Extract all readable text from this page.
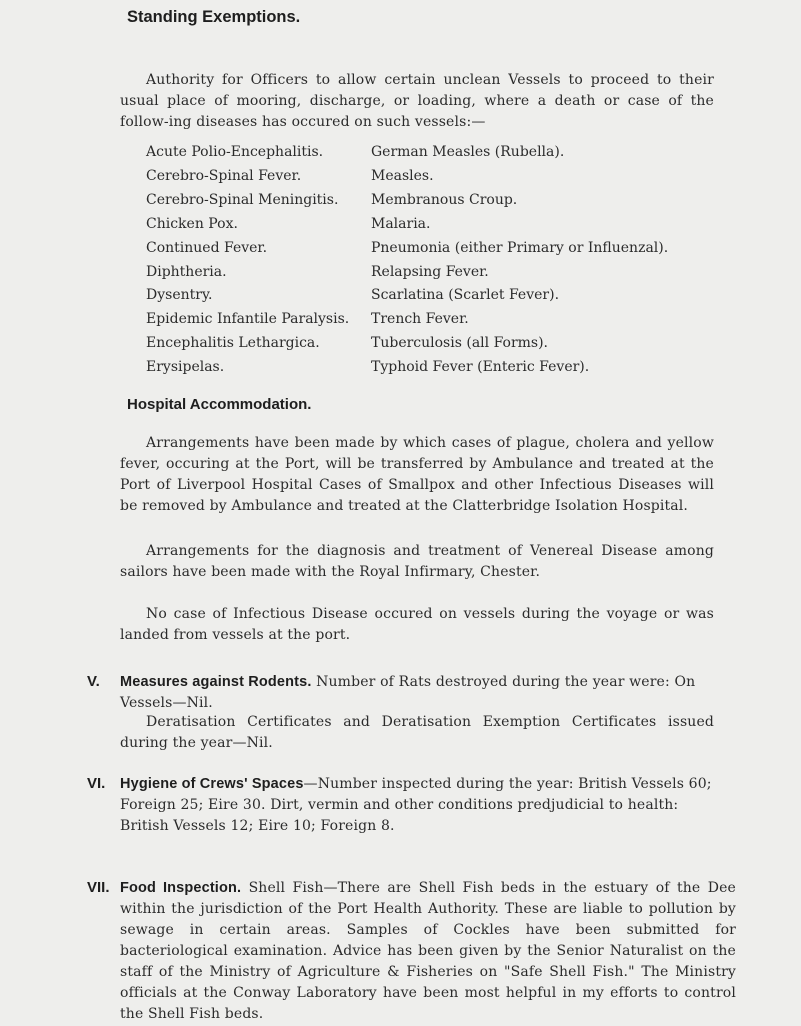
Standing Exemptions.
Authority for Officers to allow certain unclean Vessels to proceed to their usual place of mooring, discharge, or loading, where a death or case of the follow-ing diseases has occured on such vessels:—
Acute Polio-Encephalitis.
Cerebro-Spinal Fever.
Cerebro-Spinal Meningitis.
Chicken Pox.
Continued Fever.
Diphtheria.
Dysentry.
Epidemic Infantile Paralysis.
Encephalitis Lethargica.
Erysipelas.
German Measles (Rubella).
Measles.
Membranous Croup.
Malaria.
Pneumonia (either Primary or Influenzal).
Relapsing Fever.
Scarlatina (Scarlet Fever).
Trench Fever.
Tuberculosis (all Forms).
Typhoid Fever (Enteric Fever).
Hospital Accommodation.
Arrangements have been made by which cases of plague, cholera and yellow fever, occuring at the Port, will be transferred by Ambulance and treated at the Port of Liverpool Hospital Cases of Smallpox and other Infectious Diseases will be removed by Ambulance and treated at the Clatterbridge Isolation Hospital.
Arrangements for the diagnosis and treatment of Venereal Disease among sailors have been made with the Royal Infirmary, Chester.
No case of Infectious Disease occured on vessels during the voyage or was landed from vessels at the port.
V. Measures against Rodents. Number of Rats destroyed during the year were: On Vessels—Nil.
Deratisation Certificates and Deratisation Exemption Certificates issued during the year—Nil.
VI. Hygiene of Crews' Spaces—Number inspected during the year: British Vessels 60; Foreign 25; Eire 30. Dirt, vermin and other conditions predjudicial to health: British Vessels 12; Eire 10; Foreign 8.
VII. Food Inspection. Shell Fish—There are Shell Fish beds in the estuary of the Dee within the jurisdiction of the Port Health Authority. These are liable to pollution by sewage in certain areas. Samples of Cockles have been submitted for bacteriological examination. Advice has been given by the Senior Naturalist on the staff of the Ministry of Agriculture & Fisheries on "Safe Shell Fish." The Ministry officials at the Conway Laboratory have been most helpful in my efforts to control the Shell Fish beds.
